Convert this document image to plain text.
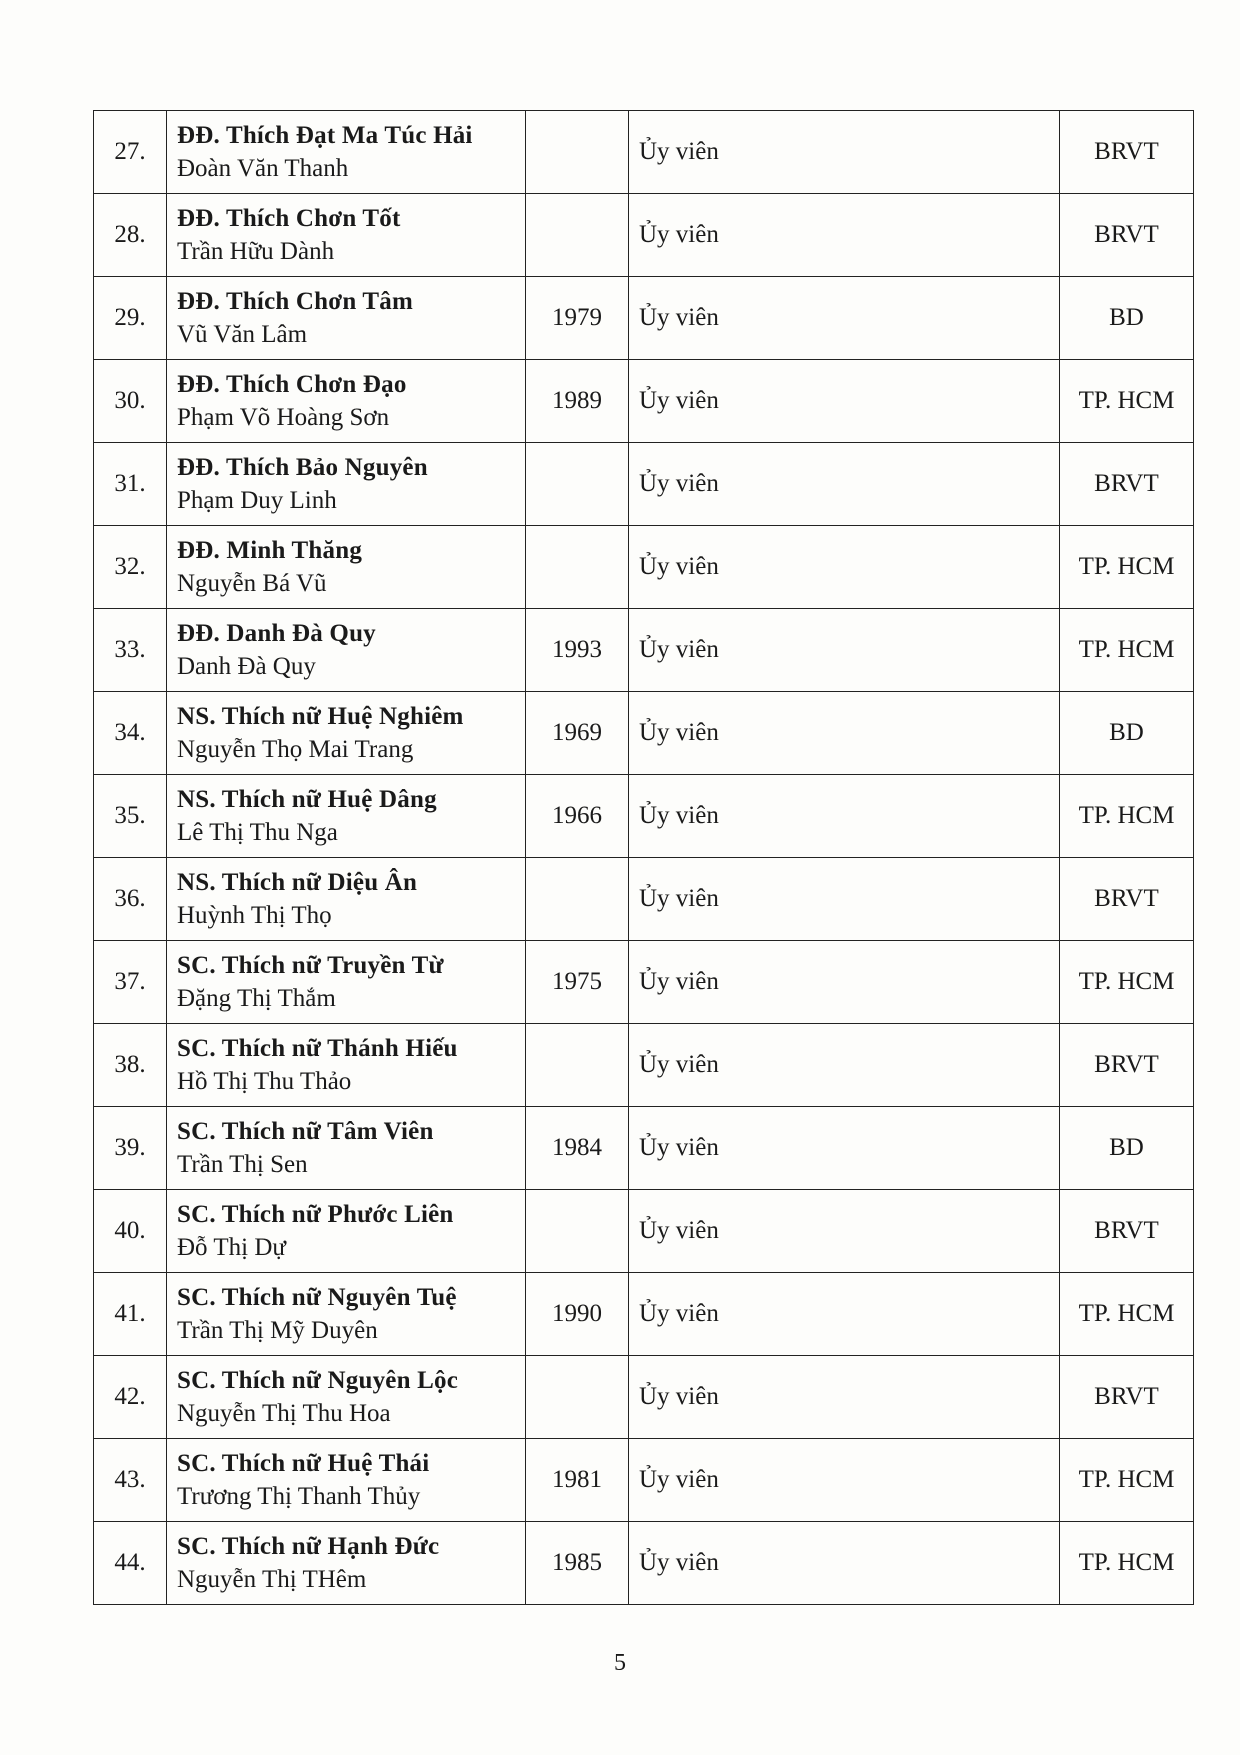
27.	ĐĐ. Thích Đạt Ma Túc Hải
Đoàn Văn Thanh		Ủy viên	BRVT
28.	ĐĐ. Thích Chơn Tốt
Trần Hữu Dành		Ủy viên	BRVT
29.	ĐĐ. Thích Chơn Tâm
Vũ Văn Lâm	1979	Ủy viên	BD
30.	ĐĐ. Thích Chơn Đạo
Phạm Võ Hoàng Sơn	1989	Ủy viên	TP. HCM
31.	ĐĐ. Thích Bảo Nguyên
Phạm Duy Linh		Ủy viên	BRVT
32.	ĐĐ. Minh Thăng
Nguyễn Bá Vũ		Ủy viên	TP. HCM
33.	ĐĐ. Danh Đà Quy
Danh Đà Quy	1993	Ủy viên	TP. HCM
34.	NS. Thích nữ Huệ Nghiêm
Nguyễn Thọ Mai Trang	1969	Ủy viên	BD
35.	NS. Thích nữ Huệ Dâng
Lê Thị Thu Nga	1966	Ủy viên	TP. HCM
36.	NS. Thích nữ Diệu Ân
Huỳnh Thị Thọ		Ủy viên	BRVT
37.	SC. Thích nữ Truyền Từ
Đặng Thị Thắm	1975	Ủy viên	TP. HCM
38.	SC. Thích nữ Thánh Hiếu
Hồ Thị Thu Thảo		Ủy viên	BRVT
39.	SC. Thích nữ Tâm Viên
Trần Thị Sen	1984	Ủy viên	BD
40.	SC. Thích nữ Phước Liên
Đỗ Thị Dự		Ủy viên	BRVT
41.	SC. Thích nữ Nguyên Tuệ
Trần Thị Mỹ Duyên	1990	Ủy viên	TP. HCM
42.	SC. Thích nữ Nguyên Lộc
Nguyễn Thị Thu Hoa		Ủy viên	BRVT
43.	SC. Thích nữ Huệ Thái
Trương Thị Thanh Thủy	1981	Ủy viên	TP. HCM
44.	SC. Thích nữ Hạnh Đức
Nguyễn Thị THêm	1985	Ủy viên	TP. HCM
5
